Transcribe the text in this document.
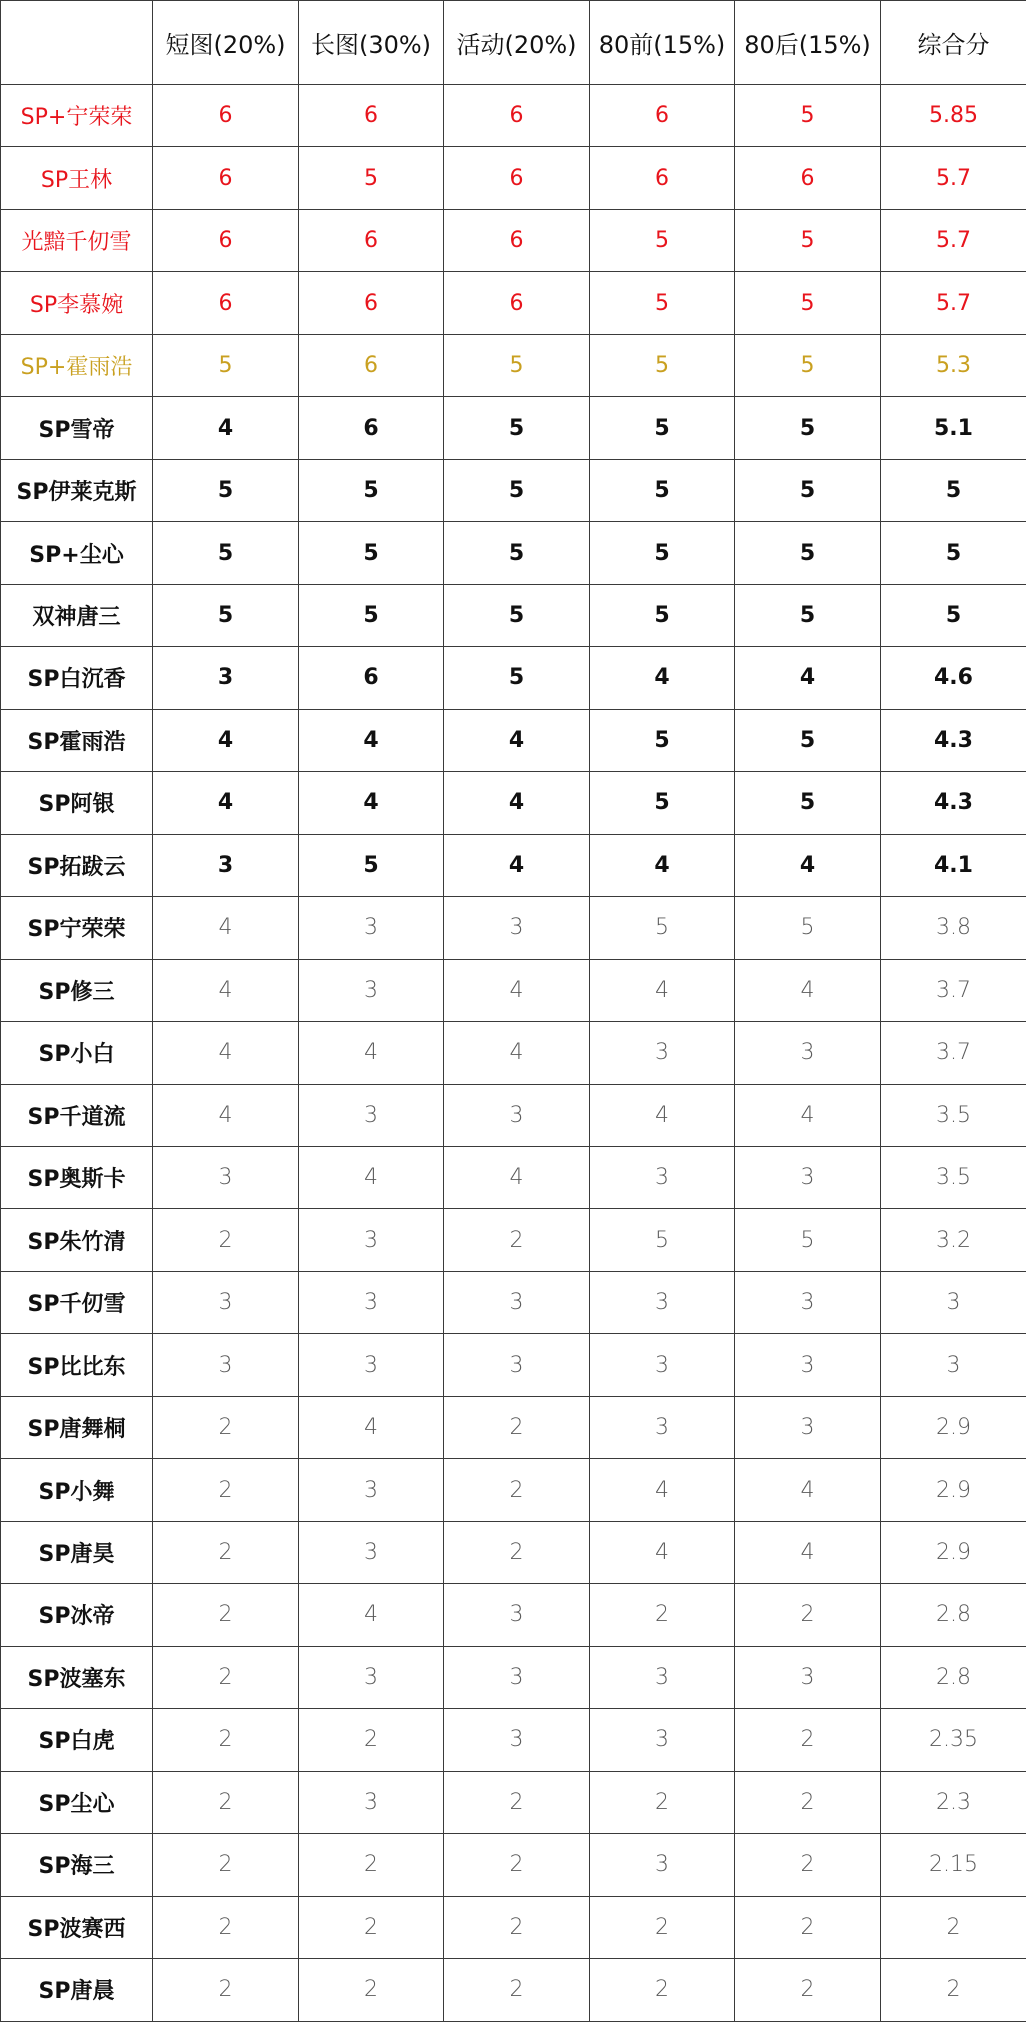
	短图(20%)	长图(30%)	活动(20%)	80前(15%)	80后(15%)	综合分
SP+宁荣荣	6	6	6	6	5	5.85
SP王林	6	5	6	6	6	5.7
光黯千仞雪	6	6	6	5	5	5.7
SP李慕婉	6	6	6	5	5	5.7
SP+霍雨浩	5	6	5	5	5	5.3
SP雪帝	4	6	5	5	5	5.1
SP伊莱克斯	5	5	5	5	5	5
SP+尘心	5	5	5	5	5	5
双神唐三	5	5	5	5	5	5
SP白沉香	3	6	5	4	4	4.6
SP霍雨浩	4	4	4	5	5	4.3
SP阿银	4	4	4	5	5	4.3
SP拓跋云	3	5	4	4	4	4.1
SP宁荣荣	4	3	3	5	5	3.8
SP修三	4	3	4	4	4	3.7
SP小白	4	4	4	3	3	3.7
SP千道流	4	3	3	4	4	3.5
SP奥斯卡	3	4	4	3	3	3.5
SP朱竹清	2	3	2	5	5	3.2
SP千仞雪	3	3	3	3	3	3
SP比比东	3	3	3	3	3	3
SP唐舞桐	2	4	2	3	3	2.9
SP小舞	2	3	2	4	4	2.9
SP唐昊	2	3	2	4	4	2.9
SP冰帝	2	4	3	2	2	2.8
SP波塞东	2	3	3	3	3	2.8
SP白虎	2	2	3	3	2	2.35
SP尘心	2	3	2	2	2	2.3
SP海三	2	2	2	3	2	2.15
SP波赛西	2	2	2	2	2	2
SP唐晨	2	2	2	2	2	2
